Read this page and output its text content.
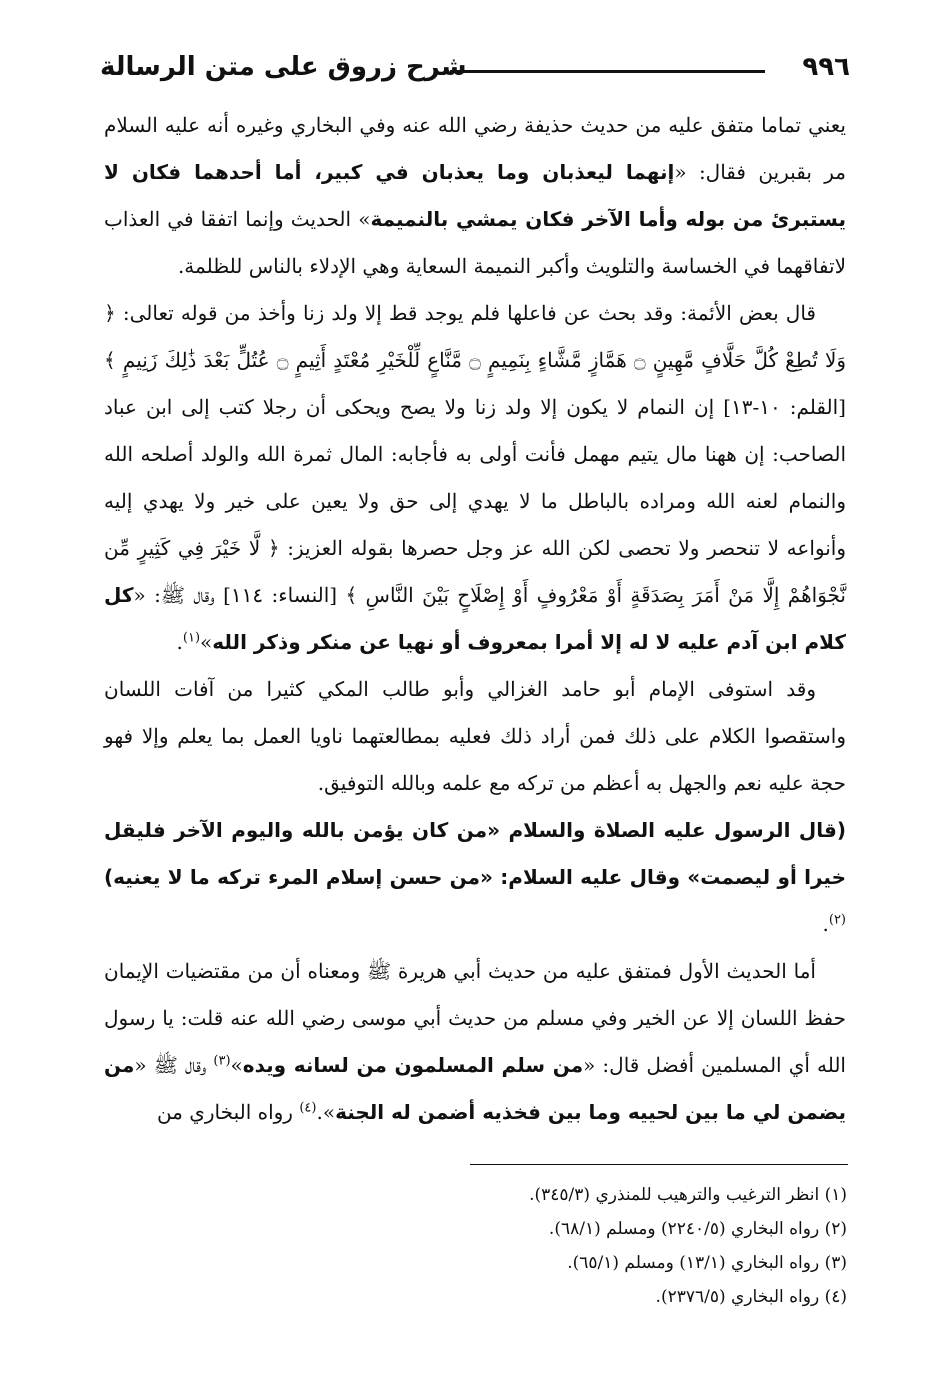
٩٩٦
شرح زروق على متن الرسالة

يعني تماما متفق عليه من حديث حذيفة رضي الله عنه وفي البخاري وغيره أنه عليه السلام مر بقبرين فقال: «إنهما ليعذبان وما يعذبان في كبير، أما أحدهما فكان لا يستبرئ من بوله وأما الآخر فكان يمشي بالنميمة» الحديث وإنما اتفقا في العذاب لاتفاقهما في الخساسة والتلويث وأكبر النميمة السعاية وهي الإدلاء بالناس للظلمة.

قال بعض الأئمة: وقد بحث عن فاعلها فلم يوجد قط إلا ولد زنا وأخذ من قوله تعالى: ﴿ وَلَا تُطِعْ كُلَّ حَلَّافٍ مَّهِينٍ ۝ هَمَّازٍ مَّشَّاءٍ بِنَمِيمٍ ۝ مَّنَّاعٍ لِّلْخَيْرِ مُعْتَدٍ أَثِيمٍ ۝ عُتُلٍّ بَعْدَ ذَٰلِكَ زَنِيمٍ ﴾ [القلم: ١٠-١٣] إن النمام لا يكون إلا ولد زنا ولا يصح ويحكى أن رجلا كتب إلى ابن عباد الصاحب: إن ههنا مال يتيم مهمل فأنت أولى به فأجابه: المال ثمرة الله والولد أصلحه الله والنمام لعنه الله ومراده بالباطل ما لا يهدي إلى حق ولا يعين على خير ولا يهدي إليه وأنواعه لا تنحصر ولا تحصى لكن الله عز وجل حصرها بقوله العزيز: ﴿ لَّا خَيْرَ فِي كَثِيرٍ مِّن نَّجْوَاهُمْ إِلَّا مَنْ أَمَرَ بِصَدَقَةٍ أَوْ مَعْرُوفٍ أَوْ إِصْلَاحٍ بَيْنَ النَّاسِ ﴾ [النساء: ١١٤] وقال ﷺ: «كل كلام ابن آدم عليه لا له إلا أمرا بمعروف أو نهيا عن منكر وذكر الله»$^{(١)}$.

وقد استوفى الإمام أبو حامد الغزالي وأبو طالب المكي كثيرا من آفات اللسان واستقصوا الكلام على ذلك فمن أراد ذلك فعليه بمطالعتهما ناويا العمل بما يعلم وإلا فهو حجة عليه نعم والجهل به أعظم من تركه مع علمه وبالله التوفيق.

(قال الرسول عليه الصلاة والسلام «من كان يؤمن بالله واليوم الآخر فليقل خيرا أو ليصمت» وقال عليه السلام: «من حسن إسلام المرء تركه ما لا يعنيه)$^{(٢)}$.

أما الحديث الأول فمتفق عليه من حديث أبي هريرة ﷺ ومعناه أن من مقتضيات الإيمان حفظ اللسان إلا عن الخير وفي مسلم من حديث أبي موسى رضي الله عنه قلت: يا رسول الله أي المسلمين أفضل قال: «من سلم المسلمون من لسانه ويده»$^{(٣)}$ وقال ﷺ «من يضمن لي ما بين لحييه وما بين فخذيه أضمن له الجنة».$^{(٤)}$ رواه البخاري من

(١) انظر الترغيب والترهيب للمنذري (٣٤٥/٣).
(٢) رواه البخاري (٢٢٤٠/٥) ومسلم (٦٨/١).
(٣) رواه البخاري (١٣/١) ومسلم (٦٥/١).
(٤) رواه البخاري (٢٣٧٦/٥).
